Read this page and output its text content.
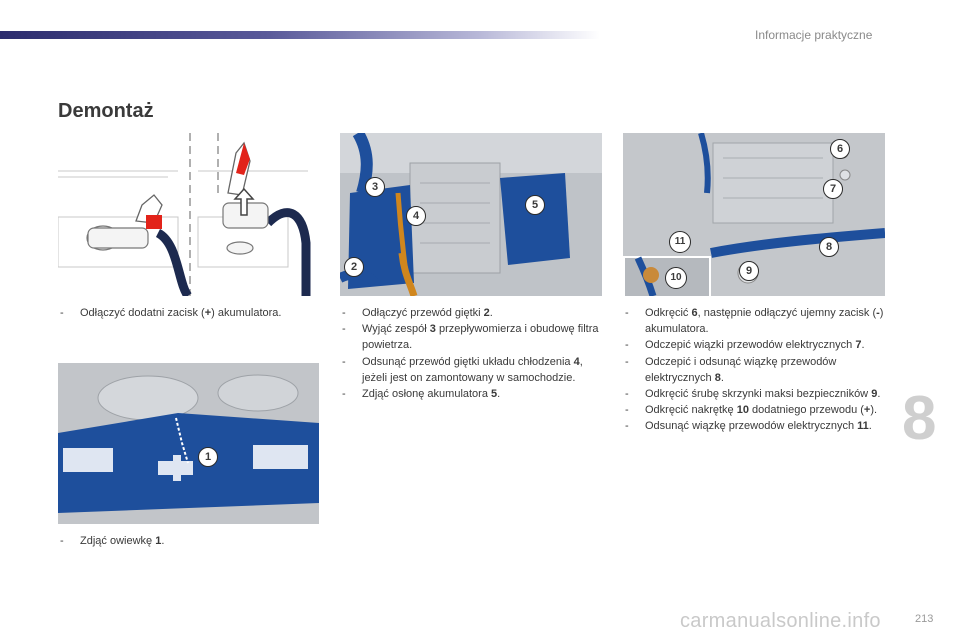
Informacje praktyczne
Demontaż
3
4
5
2
6
7
8
9
11
10
1
- Odłączyć dodatni zacisk (+) akumulatora.
- Zdjąć owiewkę 1.
- Odłączyć przewód giętki 2.
- Wyjąć zespół 3 przepływomierza i obudowę filtra powietrza.
- Odsunąć przewód giętki układu chłodzenia 4, jeżeli jest on zamontowany w samochodzie.
- Zdjąć osłonę akumulatora 5.
- Odkręcić 6, następnie odłączyć ujemny zacisk (-) akumulatora.
- Odczepić wiązki przewodów elektrycznych 7.
- Odczepić i odsunąć wiązkę przewodów elektrycznych 8.
- Odkręcić śrubę skrzynki maksi bezpieczników 9.
- Odkręcić nakrętkę 10 dodatniego przewodu (+).
- Odsunąć wiązkę przewodów elektrycznych 11. 8
carmanualsonline.info	213
